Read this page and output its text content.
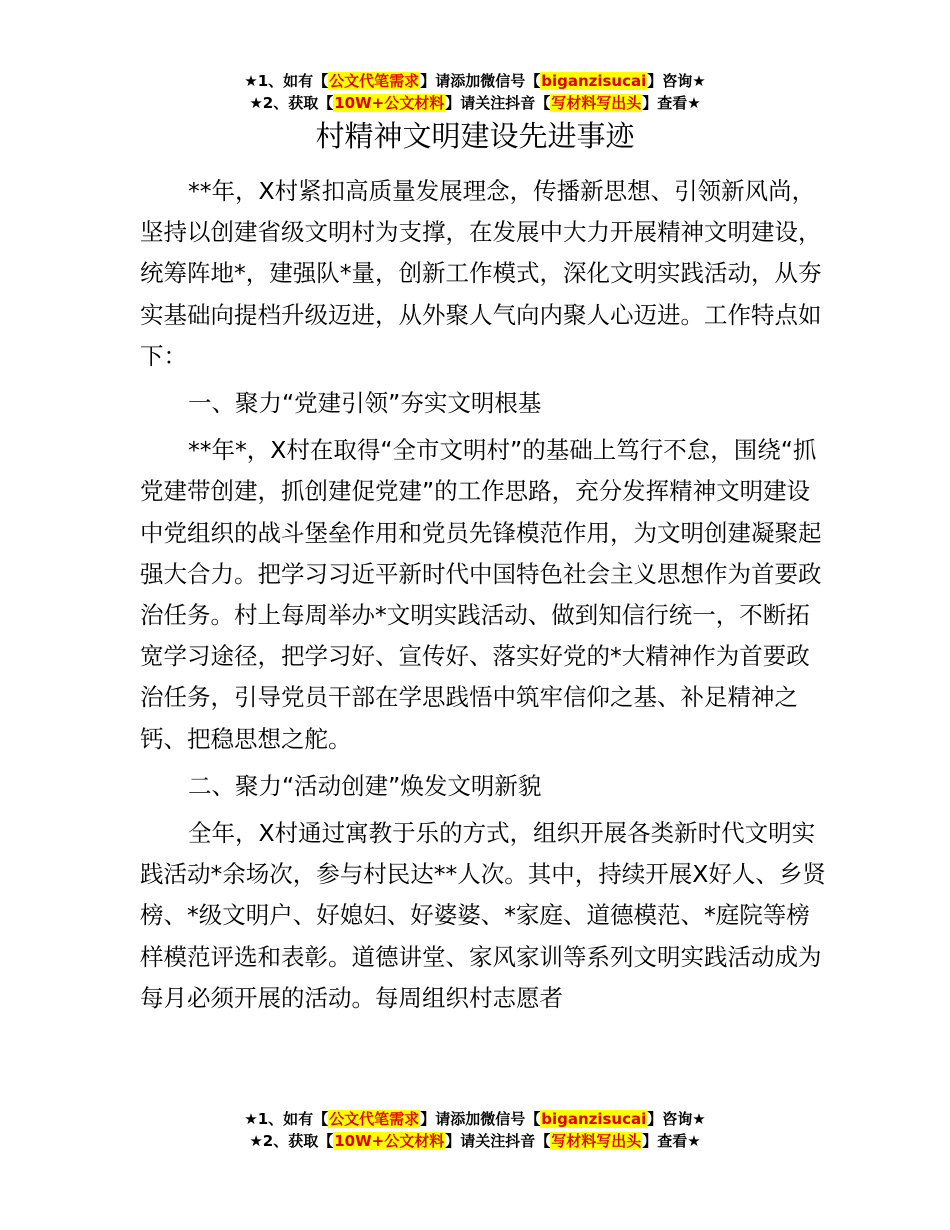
★1、如有【公文代笔需求】请添加微信号【biganzisucai】咨询★
★2、获取【10W+公文材料】请关注抖音【写材料写出头】查看★
村精神文明建设先进事迹

**年，X村紧扣高质量发展理念，传播新思想、引领新风尚，坚持以创建省级文明村为支撑，在发展中大力开展精神文明建设，统筹阵地*，建强队*量，创新工作模式，深化文明实践活动，从夯实基础向提档升级迈进，从外聚人气向内聚人心迈进。工作特点如下：

一、聚力“党建引领”夯实文明根基

**年*，X村在取得“全市文明村”的基础上笃行不怠，围绕“抓党建带创建，抓创建促党建”的工作思路，充分发挥精神文明建设中党组织的战斗堡垒作用和党员先锋模范作用，为文明创建凝聚起强大合力。把学习习近平新时代中国特色社会主义思想作为首要政治任务。村上每周举办*文明实践活动、做到知信行统一，不断拓宽学习途径，把学习好、宣传好、落实好党的*大精神作为首要政治任务，引导党员干部在学思践悟中筑牢信仰之基、补足精神之钙、把稳思想之舵。

二、聚力“活动创建”焕发文明新貌

全年，X村通过寓教于乐的方式，组织开展各类新时代文明实践活动*余场次，参与村民达**人次。其中，持续开展X好人、乡贤榜、*级文明户、好媳妇、好婆婆、*家庭、道德模范、*庭院等榜样模范评选和表彰。道德讲堂、家风家训等系列文明实践活动成为每月必须开展的活动。每周组织村志愿者

★1、如有【公文代笔需求】请添加微信号【biganzisucai】咨询★
★2、获取【10W+公文材料】请关注抖音【写材料写出头】查看★
